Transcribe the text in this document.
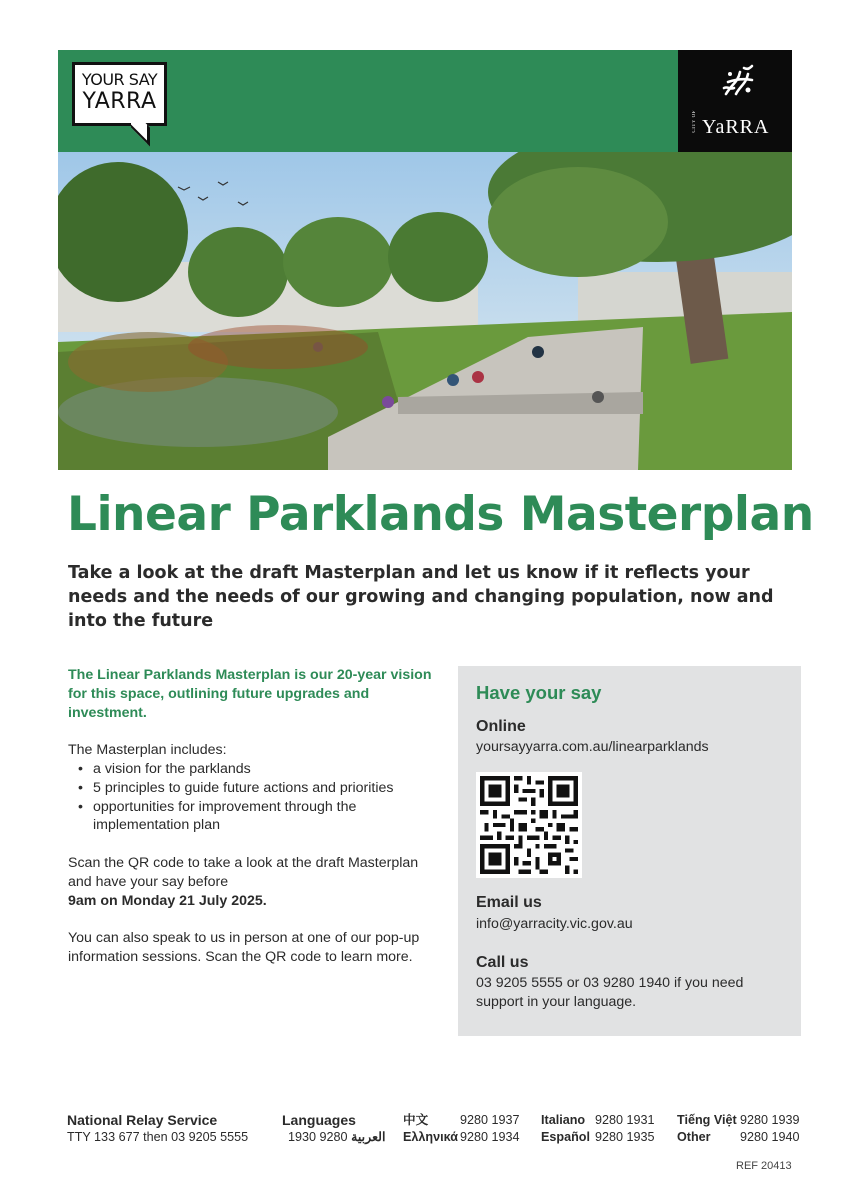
YOUR SAY
YARRA
CITY OF YaRRA
Linear Parklands Masterplan
Take a look at the draft Masterplan and let us know if it reflects your needs and the needs of our growing and changing population, now and into the future

The Linear Parklands Masterplan is our 20-year vision for this space, outlining future upgrades and investment.

The Masterplan includes:
• a vision for the parklands
• 5 principles to guide future actions and priorities
• opportunities for improvement through the implementation plan

Scan the QR code to take a look at the draft Masterplan and have your say before
9am on Monday 21 July 2025.

You can also speak to us in person at one of our pop-up information sessions. Scan the QR code to learn more.

Have your say
Online
yoursayyarra.com.au/linearparklands
Email us
info@yarracity.vic.gov.au
Call us
03 9205 5555 or 03 9280 1940 if you need support in your language.
National Relay Service
TTY 133 677 then 03 9205 5555
Languages
العربية 9280 1930
中文	9280 1937
Ελληνικά 9280 1934
Italiano 9280 1931
Español 9280 1935
Tiếng Việt 9280 1939
Other 9280 1940
REF 20413
